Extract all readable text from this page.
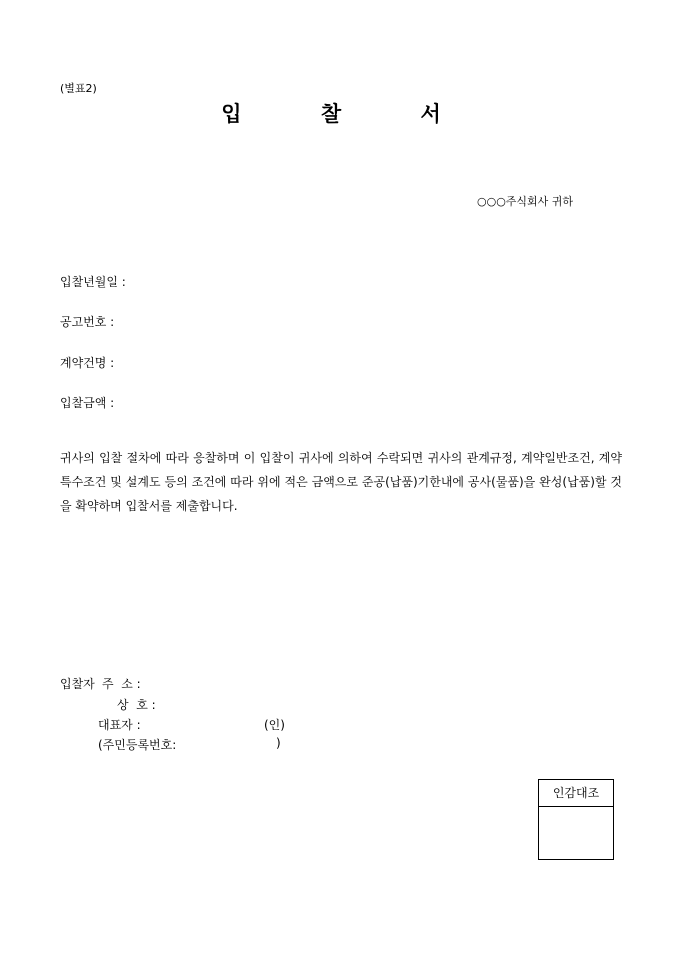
(별표2)
입 찰 서
○○○주식회사 귀하
입찰년월일 :
공고번호 :
계약건명 :
입찰금액 :
귀사의 입찰 절차에 따라 응찰하며 이 입찰이 귀사에 의하여 수락되면 귀사의 관계규정, 계약일반조건, 계약특수조건 및 설계도 등의 조건에 따라 위에 적은 금액으로 준공(납품)기한내에 공사(물품)을 완성(납품)할 것을 확약하며 입찰서를 제출합니다.
입찰자 주  소 :
상  호 :
대표자 :	(인)
(주민등록번호:	)
인감대조
